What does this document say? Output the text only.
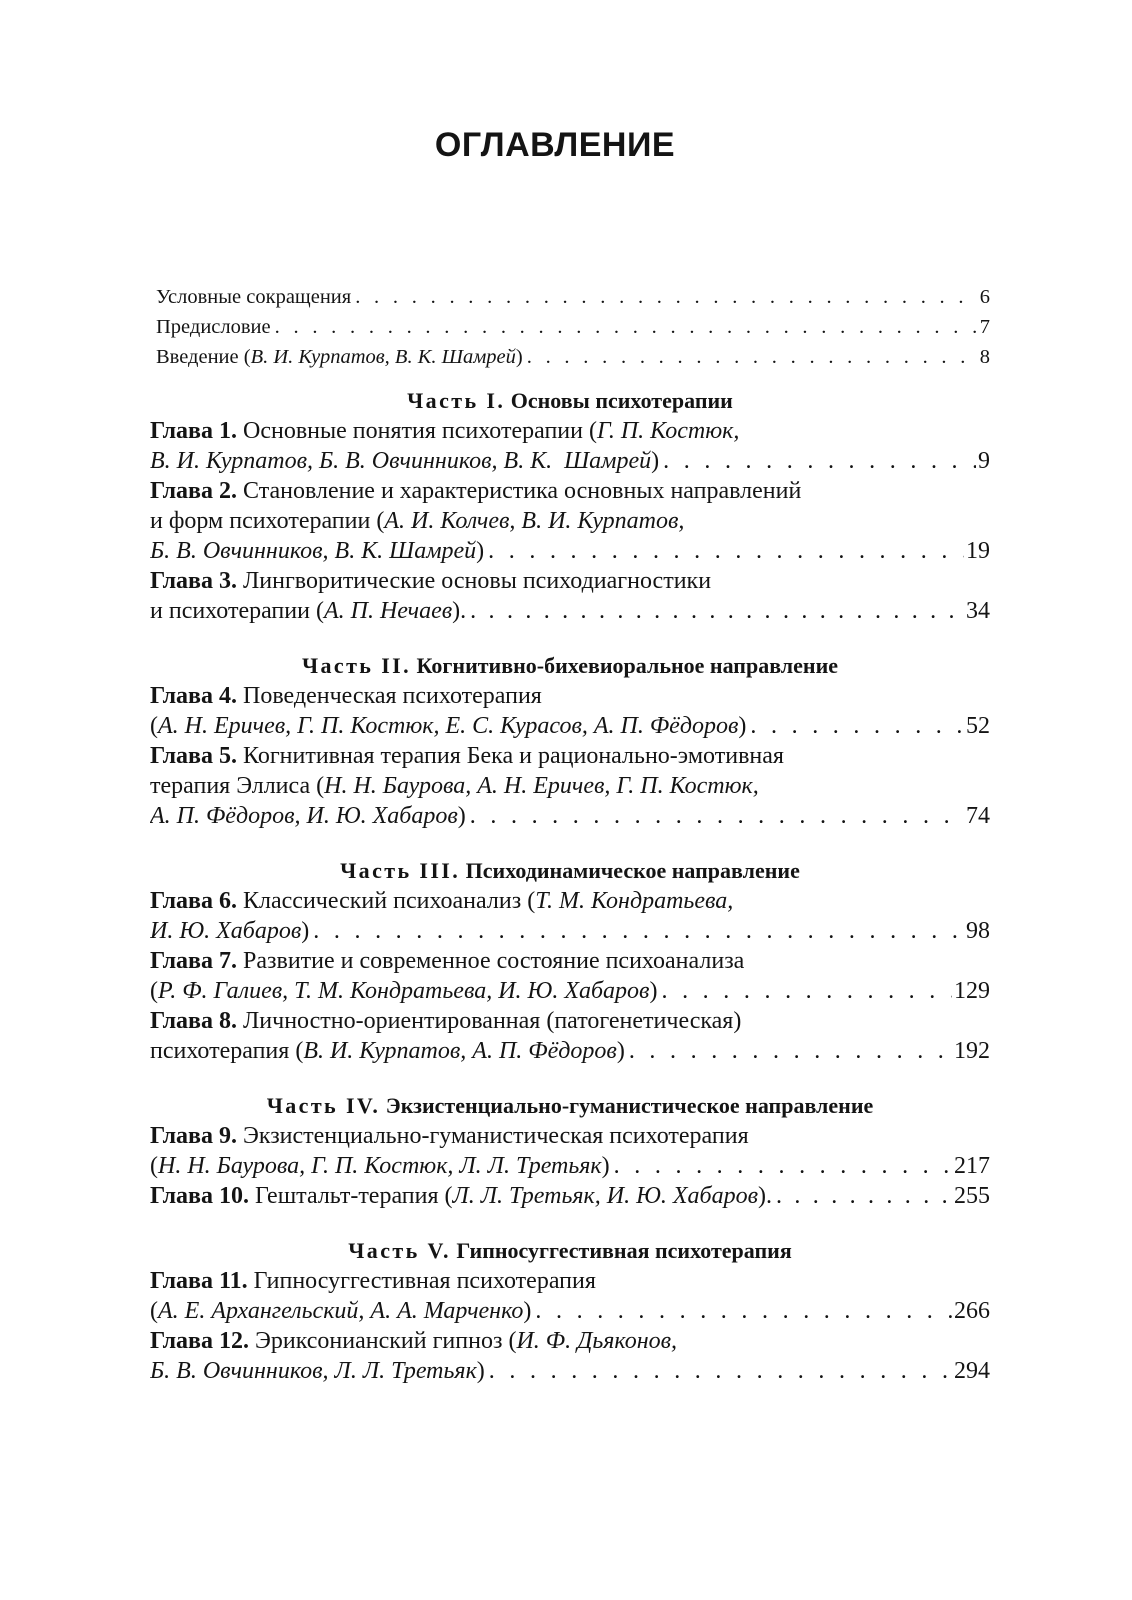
ОГЛАВЛЕНИЕ
Условные сокращения . . .	6
Предисловие . . .	7
Введение (В. И. Курпатов, В. К. Шамрей) . . .	8
Часть I. Основы психотерапии
Глава 1. Основные понятия психотерапии (Г. П. Костюк,
В. И. Курпатов, Б. В. Овчинников, В. К.  Шамрей) . . .	9
Глава 2. Становление и характеристика основных направлений
и форм психотерапии (А. И. Колчев, В. И. Курпатов,
Б. В. Овчинников, В. К. Шамрей) . . .	19
Глава 3. Лингворитические основы психодиагностики
и психотерапии (А. П. Нечаев). . . .	34
Часть II. Когнитивно-бихевиоральное направление
Глава 4. Поведенческая психотерапия
(А. Н. Еричев, Г. П. Костюк, Е. С. Курасов, А. П. Фёдоров) . . .	52
Глава 5. Когнитивная терапия Бека и рационально-эмотивная
терапия Эллиса (Н. Н. Баурова, А. Н. Еричев, Г. П. Костюк,
А. П. Фёдоров, И. Ю. Хабаров) . . .	74
Часть III. Психодинамическое направление
Глава 6. Классический психоанализ (Т. М. Кондратьева,
И. Ю. Хабаров) . . .	98
Глава 7. Развитие и современное состояние психоанализа
(Р. Ф. Галиев, Т. М. Кондратьева, И. Ю. Хабаров) . . .	129
Глава 8. Личностно-ориентированная (патогенетическая)
психотерапия (В. И. Курпатов, А. П. Фёдоров) . . .	192
Часть IV. Экзистенциально-гуманистическое направление
Глава 9. Экзистенциально-гуманистическая психотерапия
(Н. Н. Баурова, Г. П. Костюк, Л. Л. Третьяк) . . .	217
Глава 10. Гештальт-терапия (Л. Л. Третьяк, И. Ю. Хабаров). . . .	255
Часть V. Гипносуггестивная психотерапия
Глава 11. Гипносуггестивная психотерапия
(А. Е. Архангельский, А. А. Марченко) . . .	266
Глава 12. Эриксонианский гипноз (И. Ф. Дьяконов,
Б. В. Овчинников, Л. Л. Третьяк) . . .	294
